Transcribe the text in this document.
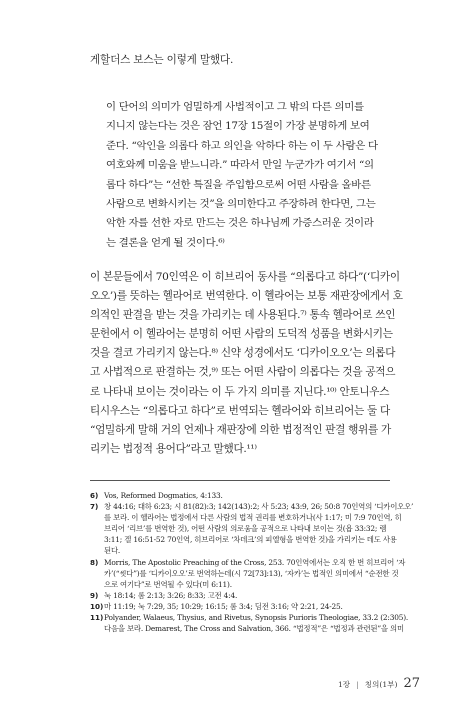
게할더스 보스는 이렇게 말했다.
이 단어의 의미가 엄밀하게 사법적이고 그 밖의 다른 의미를
지니지 않는다는 것은 잠언 17장 15절이 가장 분명하게 보여
준다. “악인을 의롭다 하고 의인을 악하다 하는 이 두 사람은 다
여호와께 미움을 받느니라.” 따라서 만일 누군가가 여기서 “의
롭다 하다”는 “선한 특질을 주입함으로써 어떤 사람을 올바른
사람으로 변화시키는 것”을 의미한다고 주장하려 한다면, 그는
악한 자를 선한 자로 만드는 것은 하나님께 가증스러운 것이라
는 결론을 얻게 될 것이다.⁶⁾
이 본문들에서 70인역은 이 히브리어 동사를 “의롭다고 하다”(‘디카이
오오’)를 뜻하는 헬라어로 번역한다. 이 헬라어는 보통 재판장에게서 호
의적인 판결을 받는 것을 가리키는 데 사용된다.⁷⁾ 통속 헬라어로 쓰인
문헌에서 이 헬라어는 분명히 어떤 사람의 도덕적 성품을 변화시키는
것을 결코 가리키지 않는다.⁸⁾ 신약 성경에서도 ‘디카이오오’는 의롭다
고 사법적으로 판결하는 것,⁹⁾ 또는 어떤 사람이 의롭다는 것을 공적으
로 나타내 보이는 것이라는 이 두 가지 의미를 지닌다.¹⁰⁾ 안토니우스
티시우스는 “의롭다고 하다”로 번역되는 헬라어와 히브리어는 둘 다
“엄밀하게 말해 거의 언제나 재판장에 의한 법정적인 판결 행위를 가
리키는 법정적 용어다”라고 말했다.¹¹⁾
6) Vos, Reformed Dogmatics, 4:133.
7) 창 44:16; 대하 6:23; 시 81(82):3; 142(143):2; 사 5:23; 43:9, 26; 50:8 70인역의 ‘디카이오오’
를 보라. 이 헬라어는 법정에서 다른 사람의 법적 권리를 변호하거나(사 1:17; 미 7:9 70인역, 히
브리어 ‘리브’를 번역한 것), 어떤 사람의 의로움을 공적으로 나타내 보이는 것(욥 33:32; 렘
3:11; 겔 16:51-52 70인역, 히브리어로 ‘차데크’의 피엘형을 번역한 것)을 가리키는 데도 사용
된다.
8) Morris, The Apostolic Preaching of the Cross, 253. 70인역에서는 오직 한 번 히브리어 ‘자
카’(“씻다”)를 ‘디카이오오’로 번역하는데(시 72[73]:13), ‘자카’는 법적인 의미에서 “순전한 것
으로 여기다”로 번역될 수 있다(미 6:11).
9) 눅 18:14; 롬 2:13; 3:26; 8:33; 고전 4:4.
10) 마 11:19; 눅 7:29, 35; 10:29; 16:15; 롬 3:4; 딤전 3:16; 약 2:21, 24-25.
11) Polyander, Walaeus, Thysius, and Rivetus, Synopsis Purioris Theologiae, 33.2 (2:305).
다음을 보라. Demarest, The Cross and Salvation, 366. “법정적”은 “법정과 관련된”을 의미
1장 | 칭의(1부) 27
